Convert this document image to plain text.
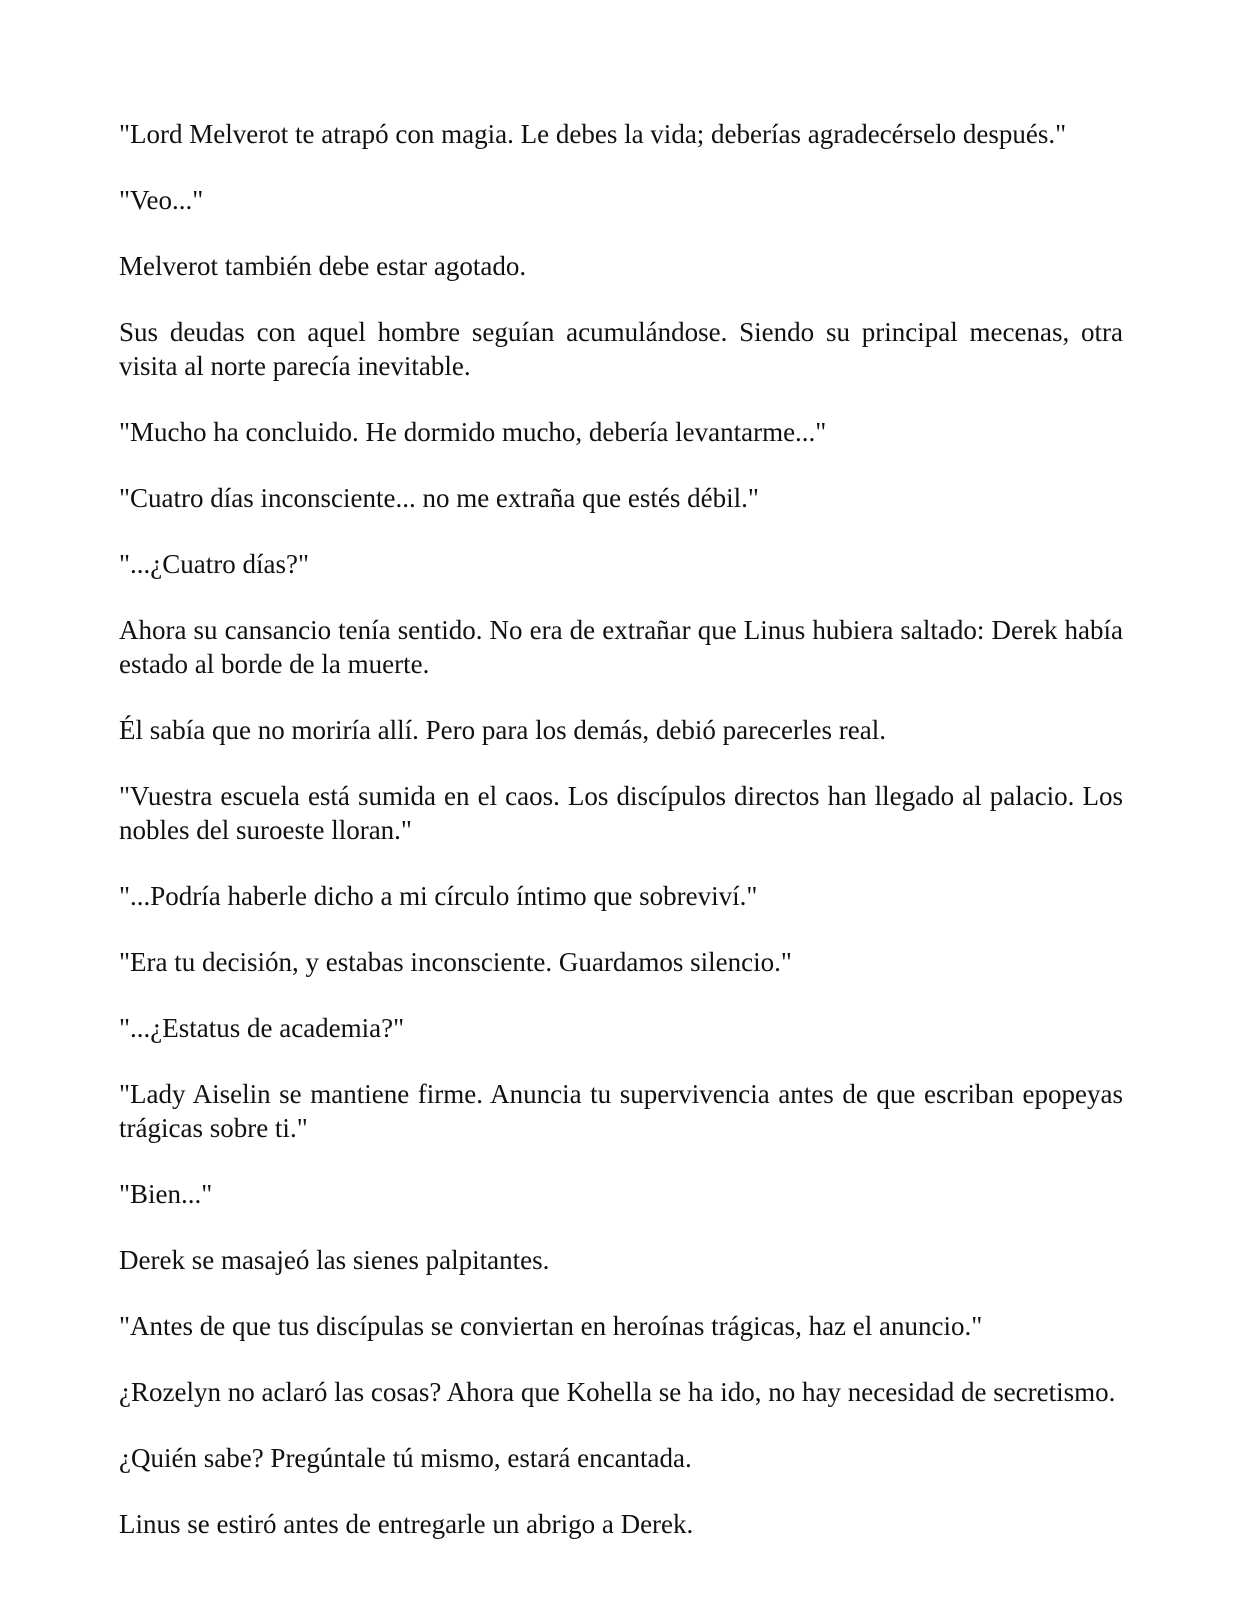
"Lord Melverot te atrapó con magia. Le debes la vida; deberías agradecérselo después."

"Veo..."

Melverot también debe estar agotado.

Sus deudas con aquel hombre seguían acumulándose. Siendo su principal mecenas, otra visita al norte parecía inevitable.

"Mucho ha concluido. He dormido mucho, debería levantarme..."

"Cuatro días inconsciente... no me extraña que estés débil."

"...¿Cuatro días?"

Ahora su cansancio tenía sentido. No era de extrañar que Linus hubiera saltado: Derek había estado al borde de la muerte.

Él sabía que no moriría allí. Pero para los demás, debió parecerles real.

"Vuestra escuela está sumida en el caos. Los discípulos directos han llegado al palacio. Los nobles del suroeste lloran."

"...Podría haberle dicho a mi círculo íntimo que sobreviví."

"Era tu decisión, y estabas inconsciente. Guardamos silencio."

"...¿Estatus de academia?"

"Lady Aiselin se mantiene firme. Anuncia tu supervivencia antes de que escriban epopeyas trágicas sobre ti."

"Bien..."

Derek se masajeó las sienes palpitantes.

"Antes de que tus discípulas se conviertan en heroínas trágicas, haz el anuncio."

¿Rozelyn no aclaró las cosas? Ahora que Kohella se ha ido, no hay necesidad de secretismo.

¿Quién sabe? Pregúntale tú mismo, estará encantada.

Linus se estiró antes de entregarle un abrigo a Derek.
